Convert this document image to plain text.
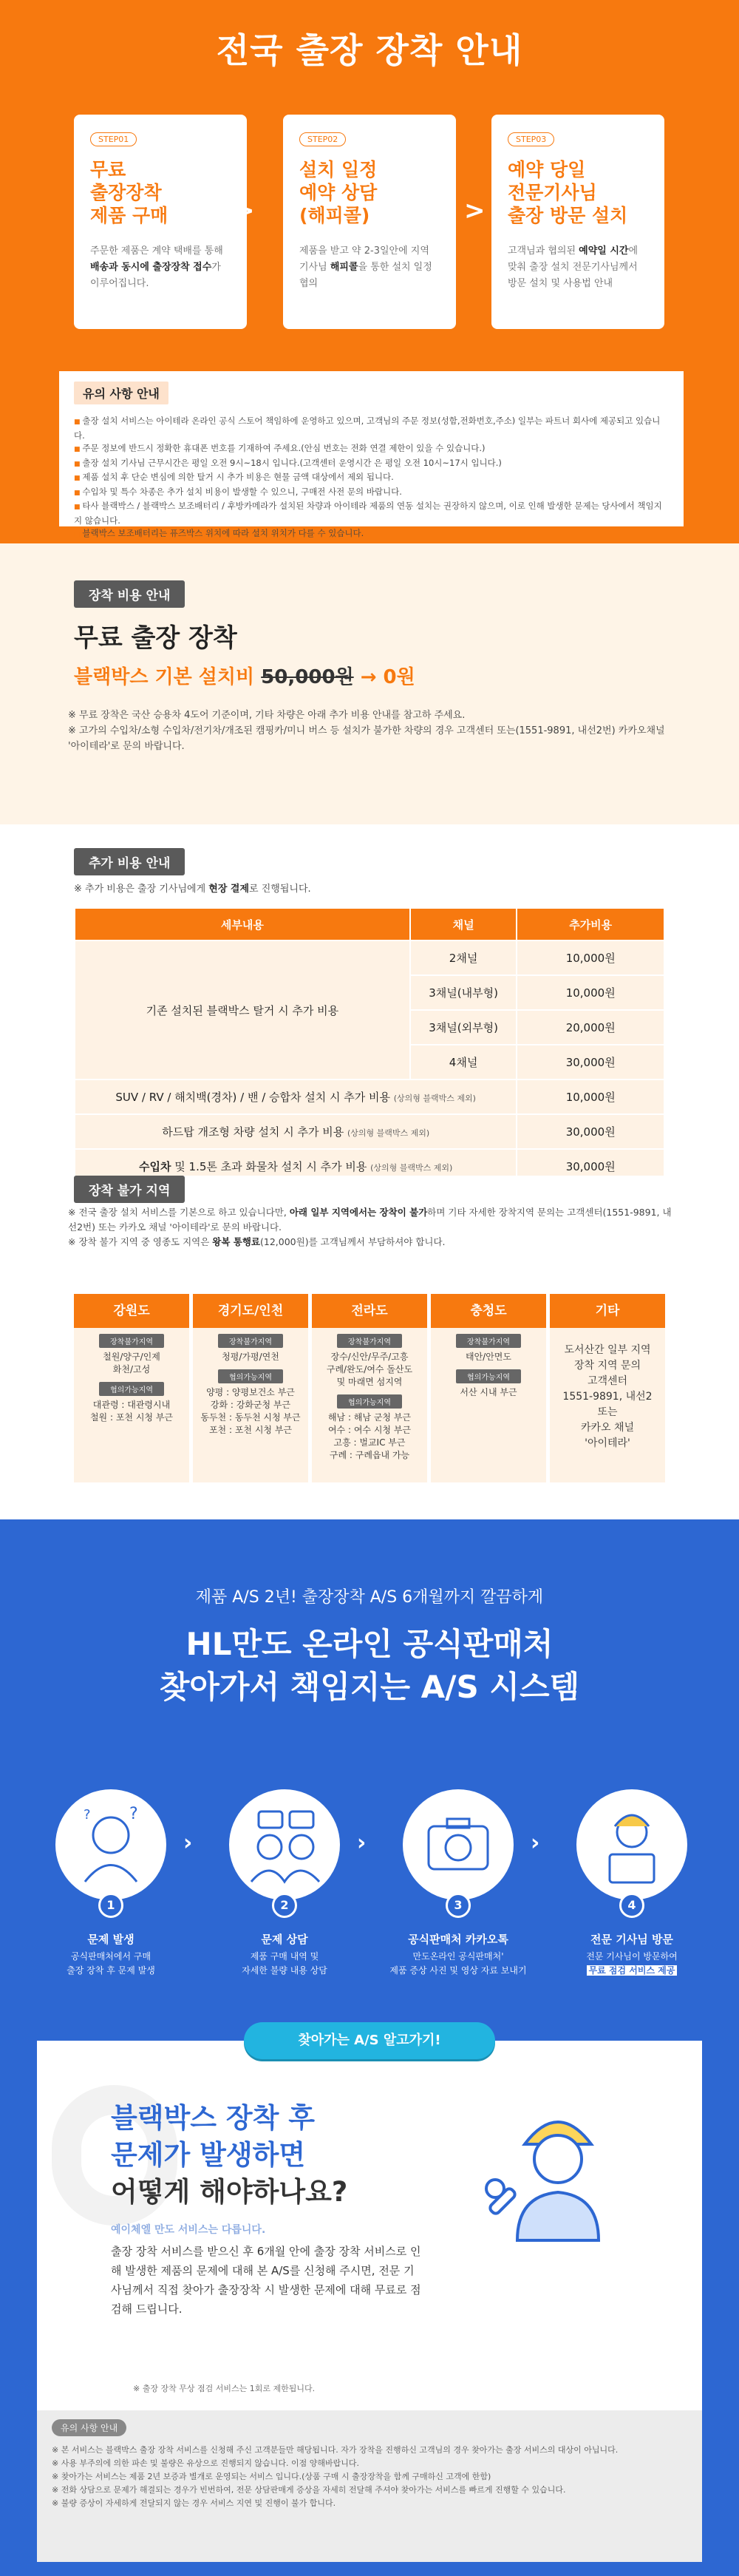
전국 출장 장착 안내
STEP01
무료
출장장착
제품 구매
주문한 제품은 계약 택배를 통해 배송과 동시에 출장장착 접수가 이루어집니다.
>
STEP02
설치 일정
예약 상담
(해피콜)
제품을 받고 약 2-3일안에 지역 기사님 해피콜을 통한 설치 일정 협의
>
STEP03
예약 당일
전문기사님
출장 방문 설치
고객님과 협의된 예약일 시간에 맞춰 출장 설치 전문기사님께서 방문 설치 및 사용법 안내
유의 사항 안내
■ 출장 설치 서비스는 아이테라 온라인 공식 스토어 책임하에 운영하고 있으며, 고객님의 주문 정보(성함,전화번호,주소) 일부는 파트너 회사에 제공되고 있습니다.
■ 주문 정보에 반드시 정확한 휴대폰 번호를 기재하여 주세요.(안심 번호는 전화 연결 제한이 있을 수 있습니다.)
■ 출장 설치 기사님 근무시간은 평일 오전 9시~18시 입니다.(고객센터 운영시간 은 평일 오전 10시~17시 입니다.)
■ 제품 설치 후 단순 변심에 의한 탈거 시 추가 비용은 현물 금액 대상에서 제외 됩니다.
■ 수입차 및 특수 차종은 추가 설치 비용이 발생할 수 있으니, 구매전 사전 문의 바랍니다.
■ 타사 블랙박스 / 블랙박스 보조배터리 / 후방카메라가 설치된 차량과 아이테라 제품의 연동 설치는 권장하지 않으며, 이로 인해 발생한 문제는 당사에서 책임지지 않습니다.
■ 블랙박스 보조배터리는 퓨즈박스 위치에 따라 설치 위치가 다를 수 있습니다.
■
장착 비용 안내
무료 출장 장착
블랙박스 기본 설치비 50,000원 → 0원
※ 무료 장착은 국산 승용차 4도어 기준이며, 기타 차량은 아래 추가 비용 안내를 참고하 주세요.
※ 고가의 수입차/소형 수입차/전기차/개조된 캠핑카/미니 버스 등 설치가 불가한 차량의 경우 고객센터 또는(1551-9891, 내선2번) 카카오채널 '아이테라'로 문의 바랍니다.
추가 비용 안내
※ 추가 비용은 출장 기사님에게 현장 결제로 진행됩니다.
세부내용	채널	추가비용
기존 설치된 블랙박스 탈거 시 추가 비용	2채널	10,000원
	3채널(내부형)	10,000원
	3채널(외부형)	20,000원
	4채널	30,000원
SUV / RV / 해치백(경차) / 밴 / 승합차 설치 시 추가 비용 (상의형 블랙박스 제외)		10,000원
하드탑 개조형 차량 설치 시 추가 비용 (상의형 블랙박스 제외)		30,000원
수입차 및 1.5톤 초과 화물차 설치 시 추가 비용 (상의형 블랙박스 제외)		30,000원
장착 불가 지역
※ 전국 출장 설치 서비스를 기본으로 하고 있습니다만, 아래 일부 지역에서는 장착이 불가하며 기타 자세한 장착지역 문의는 고객센터(1551-9891, 내선2번) 또는 카카오 채널 '아이테라'로 문의 바랍니다.
※ 장착 불가 지역 중 영종도 지역은 왕복 통행료(12,000원)를 고객님께서 부담하셔야 합니다.
강원도
장착불가지역
철원/양구/인제
화천/고성
협의가능지역
대관령 : 대관령시내
철원 : 포천 시청 부근
경기도/인천
장착불가지역
청평/가평/연천
협의가능지역
양평 : 양평보건소 부근
강화 : 강화군청 부근
동두천 : 동두천 시청 부근
포천 : 포천 시청 부근
전라도
장착불가지역
장수/신안/무주/고흥
구례/완도/여수 돌산도
및 마래면 섬지역
협의가능지역
해남 : 해남 군청 부근
여수 : 여수 시청 부근
고흥 : 벌교IC 부근
구례 : 구례읍내 가능
충청도
장착불가지역
태안/안면도
협의가능지역
서산 시내 부근
기타
도서산간 일부 지역
장착 지역 문의
고객센터
1551-9891, 내선2
또는
카카오 채널
'아이테라'
제품 A/S 2년! 출장장착 A/S 6개월까지 깔끔하게
HL만도 온라인 공식판매처
찾아가서 책임지는 A/S 시스템
?
?
1
›
2
›
3
›
4
문제 발생
공식판매처에서 구매
출장 장착 후 문제 발생
문제 상담
제품 구매 내역 및
자세한 불량 내용 상담
공식판매처 카카오톡
만도온라인 공식판매처'
제품 증상 사진 및 영상 자료 보내기
전문 기사님 방문
전문 기사님이 방문하여
무료 점검 서비스 제공
블랙박스 장착 후
문제가 발생하면
어떻게 해야하나요?
예이체엘 만도 서비스는 다릅니다.
출장 장착 서비스를 받으신 후 6개월 안에 출장 장착 서비스로 인해 발생한 제품의 문제에 대해 본 A/S를 신청해 주시면, 전문 기사님께서 직접 찾아가 출장장착 시 발생한 문제에 대해 무료로 점검해 드립니다.
※ 출장 장착 무상 점검 서비스는 1회로 제한됩니다.
찾아가는 A/S 알고가기!
유의 사항 안내
※ 본 서비스는 블랙박스 출장 장착 서비스를 신청해 주신 고객분들만 해당됩니다. 자가 장착을 진행하신 고객님의 경우 찾아가는 출장 서비스의 대상이 아닙니다.
※ 사용 부주의에 의한 파손 및 불량은 유상으로 진행되지 않습니다. 이점 양해바랍니다.
※ 찾아가는 서비스는 제품 2년 보증과 별개로 운영되는 서비스 입니다.(상품 구매 시 출장장착을 함께 구매하신 고객에 한함)
※ 전화 상담으로 문제가 해결되는 경우가 빈번하여, 전문 상담판매게 증상을 자세히 전달해 주셔야 찾아가는 서비스를 빠르게 진행할 수 있습니다.
※ 불량 증상이 자세하게 전달되지 않는 경우 서비스 지연 및 진행이 불가 합니다.
